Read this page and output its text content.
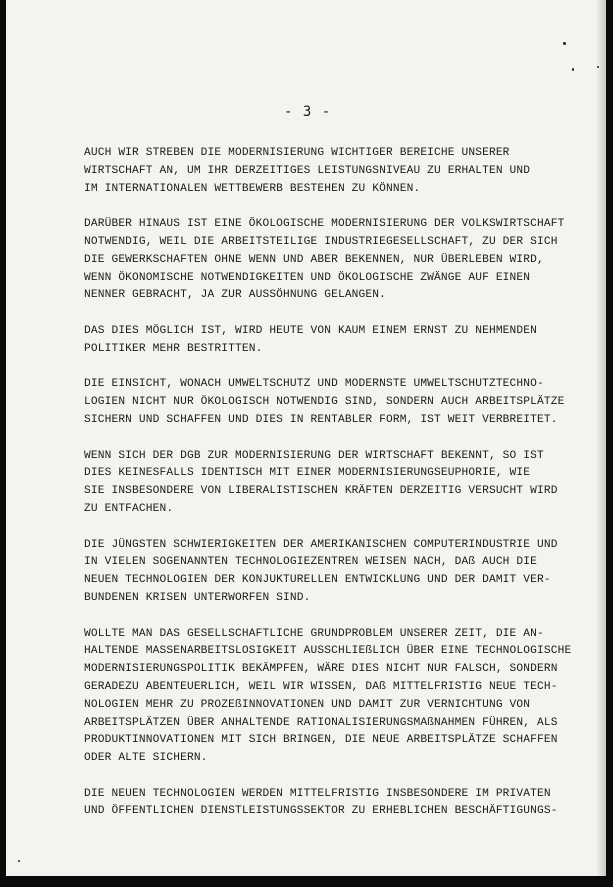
- 3 -

AUCH WIR STREBEN DIE MODERNISIERUNG WICHTIGER BEREICHE UNSERER
WIRTSCHAFT AN, UM IHR DERZEITIGES LEISTUNGSNIVEAU ZU ERHALTEN UND
IM INTERNATIONALEN WETTBEWERB BESTEHEN ZU KÖNNEN.

DARÜBER HINAUS IST EINE ÖKOLOGISCHE MODERNISIERUNG DER VOLKSWIRTSCHAFT
NOTWENDIG, WEIL DIE ARBEITSTEILIGE INDUSTRIEGESELLSCHAFT, ZU DER SICH
DIE GEWERKSCHAFTEN OHNE WENN UND ABER BEKENNEN, NUR ÜBERLEBEN WIRD,
WENN ÖKONOMISCHE NOTWENDIGKEITEN UND ÖKOLOGISCHE ZWÄNGE AUF EINEN
NENNER GEBRACHT, JA ZUR AUSSÖHNUNG GELANGEN.

DAS DIES MÖGLICH IST, WIRD HEUTE VON KAUM EINEM ERNST ZU NEHMENDEN
POLITIKER MEHR BESTRITTEN.

DIE EINSICHT, WONACH UMWELTSCHUTZ UND MODERNSTE UMWELTSCHUTZTECHNO-
LOGIEN NICHT NUR ÖKOLOGISCH NOTWENDIG SIND, SONDERN AUCH ARBEITSPLÄTZE
SICHERN UND SCHAFFEN UND DIES IN RENTABLER FORM, IST WEIT VERBREITET.

WENN SICH DER DGB ZUR MODERNISIERUNG DER WIRTSCHAFT BEKENNT, SO IST
DIES KEINESFALLS IDENTISCH MIT EINER MODERNISIERUNGSEUPHORIE, WIE
SIE INSBESONDERE VON LIBERALISTISCHEN KRÄFTEN DERZEITIG VERSUCHT WIRD
ZU ENTFACHEN.

DIE JÜNGSTEN SCHWIERIGKEITEN DER AMERIKANISCHEN COMPUTERINDUSTRIE UND
IN VIELEN SOGENANNTEN TECHNOLOGIEZENTREN WEISEN NACH, DAß AUCH DIE
NEUEN TECHNOLOGIEN DER KONJUKTURELLEN ENTWICKLUNG UND DER DAMIT VER-
BUNDENEN KRISEN UNTERWORFEN SIND.

WOLLTE MAN DAS GESELLSCHAFTLICHE GRUNDPROBLEM UNSERER ZEIT, DIE AN-
HALTENDE MASSENARBEITSLOSIGKEIT AUSSCHLIEßLICH ÜBER EINE TECHNOLOGISCHE
MODERNISIERUNGSPOLITIK BEKÄMPFEN, WÄRE DIES NICHT NUR FALSCH, SONDERN
GERADEZU ABENTEUERLICH, WEIL WIR WISSEN, DAß MITTELFRISTIG NEUE TECH-
NOLOGIEN MEHR ZU PROZEßINNOVATIONEN UND DAMIT ZUR VERNICHTUNG VON
ARBEITSPLÄTZEN ÜBER ANHALTENDE RATIONALISIERUNGSMAßNAHMEN FÜHREN, ALS
PRODUKTINNOVATIONEN MIT SICH BRINGEN, DIE NEUE ARBEITSPLÄTZE SCHAFFEN
ODER ALTE SICHERN.

DIE NEUEN TECHNOLOGIEN WERDEN MITTELFRISTIG INSBESONDERE IM PRIVATEN
UND ÖFFENTLICHEN DIENSTLEISTUNGSSEKTOR ZU ERHEBLICHEN BESCHÄFTIGUNGS-
